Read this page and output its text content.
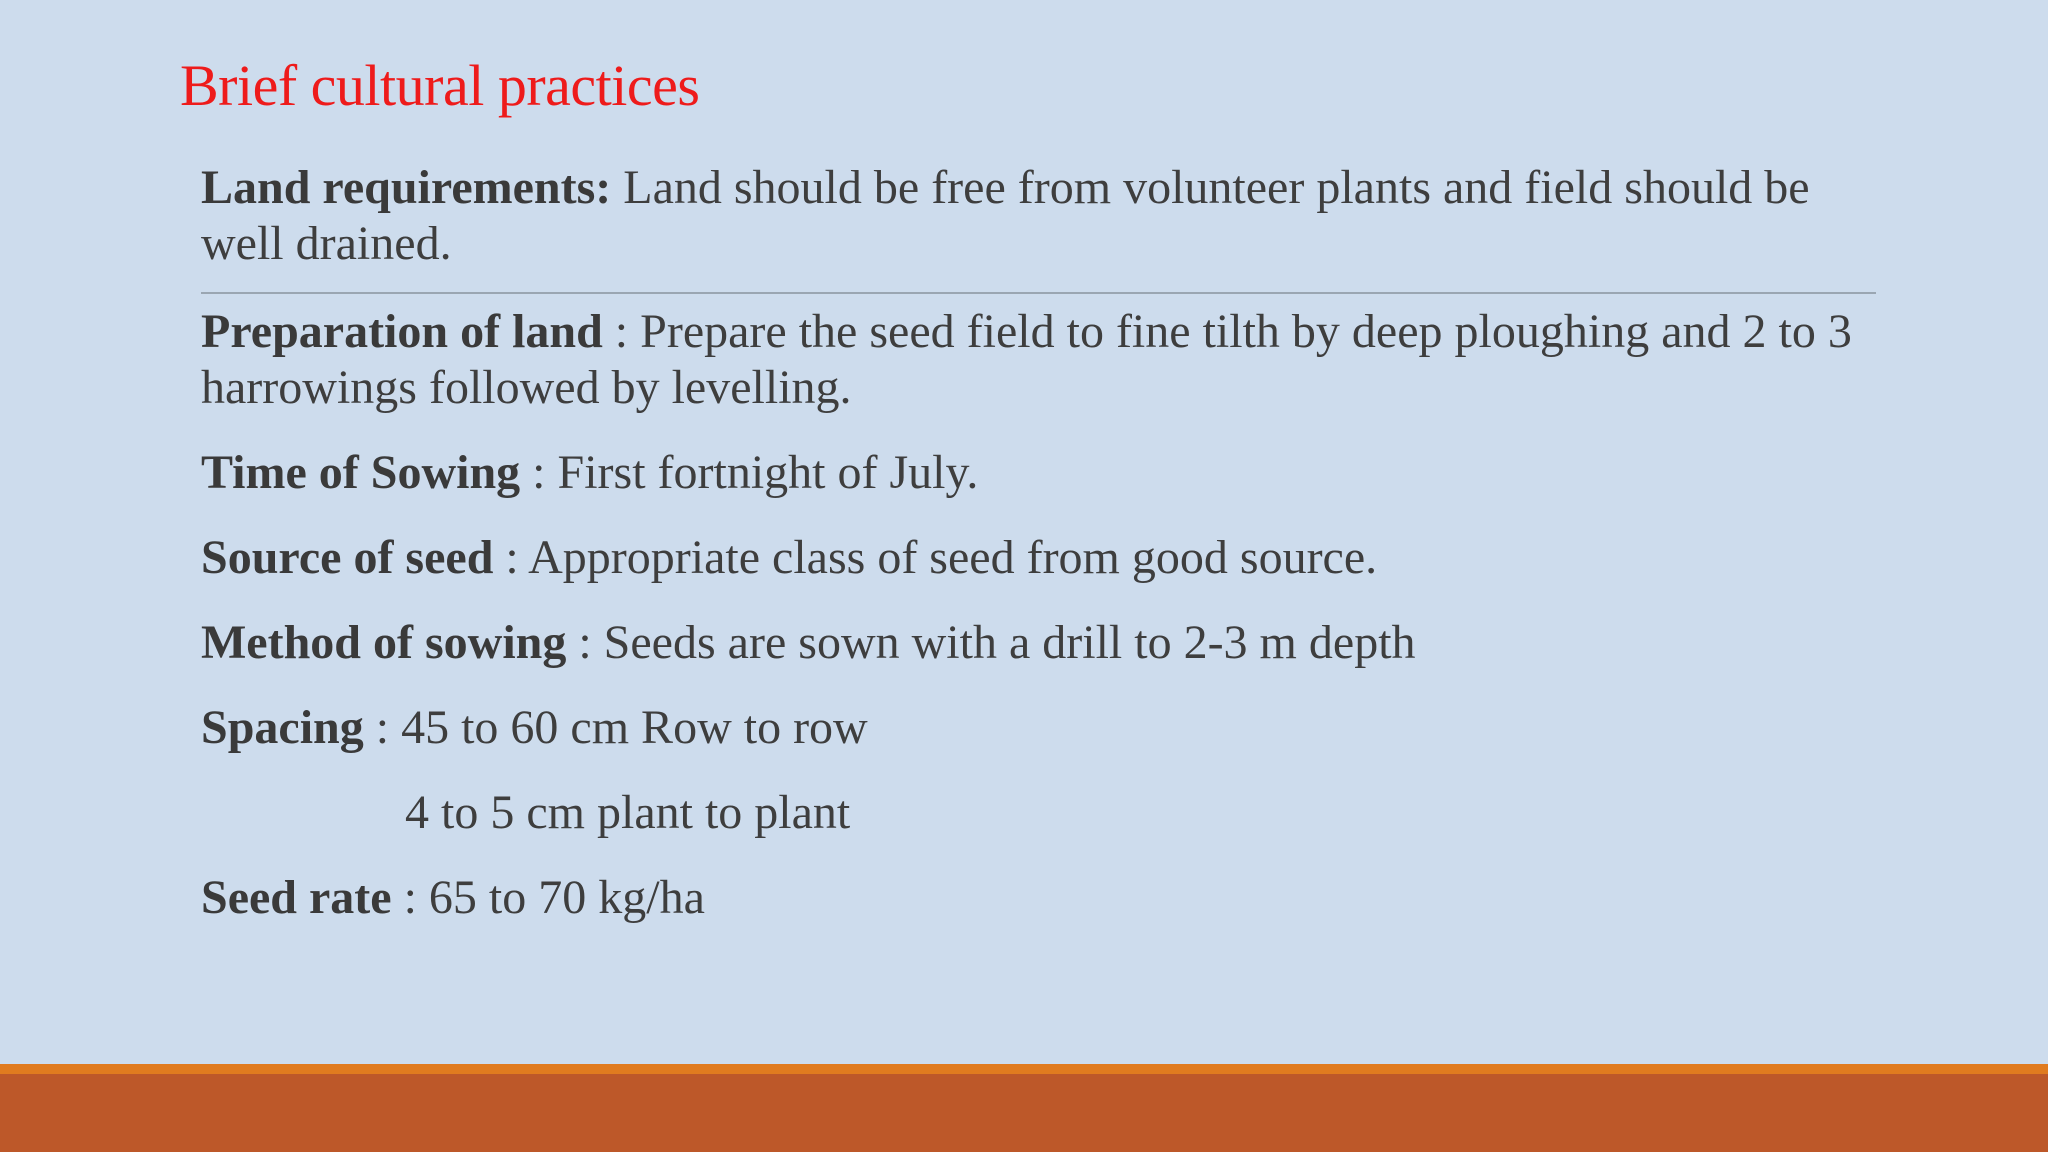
Brief cultural practices

Land requirements: Land should be free from volunteer plants and field should be well drained.

Preparation of land : Prepare the seed field to fine tilth by deep ploughing and 2 to 3 harrowings followed by levelling.

Time of Sowing : First fortnight of July.

Source of seed : Appropriate class of seed from good source.

Method of sowing : Seeds are sown with a drill to 2-3 m depth

Spacing : 45 to 60 cm Row to row

4 to 5 cm plant to plant

Seed rate : 65 to 70 kg/ha
